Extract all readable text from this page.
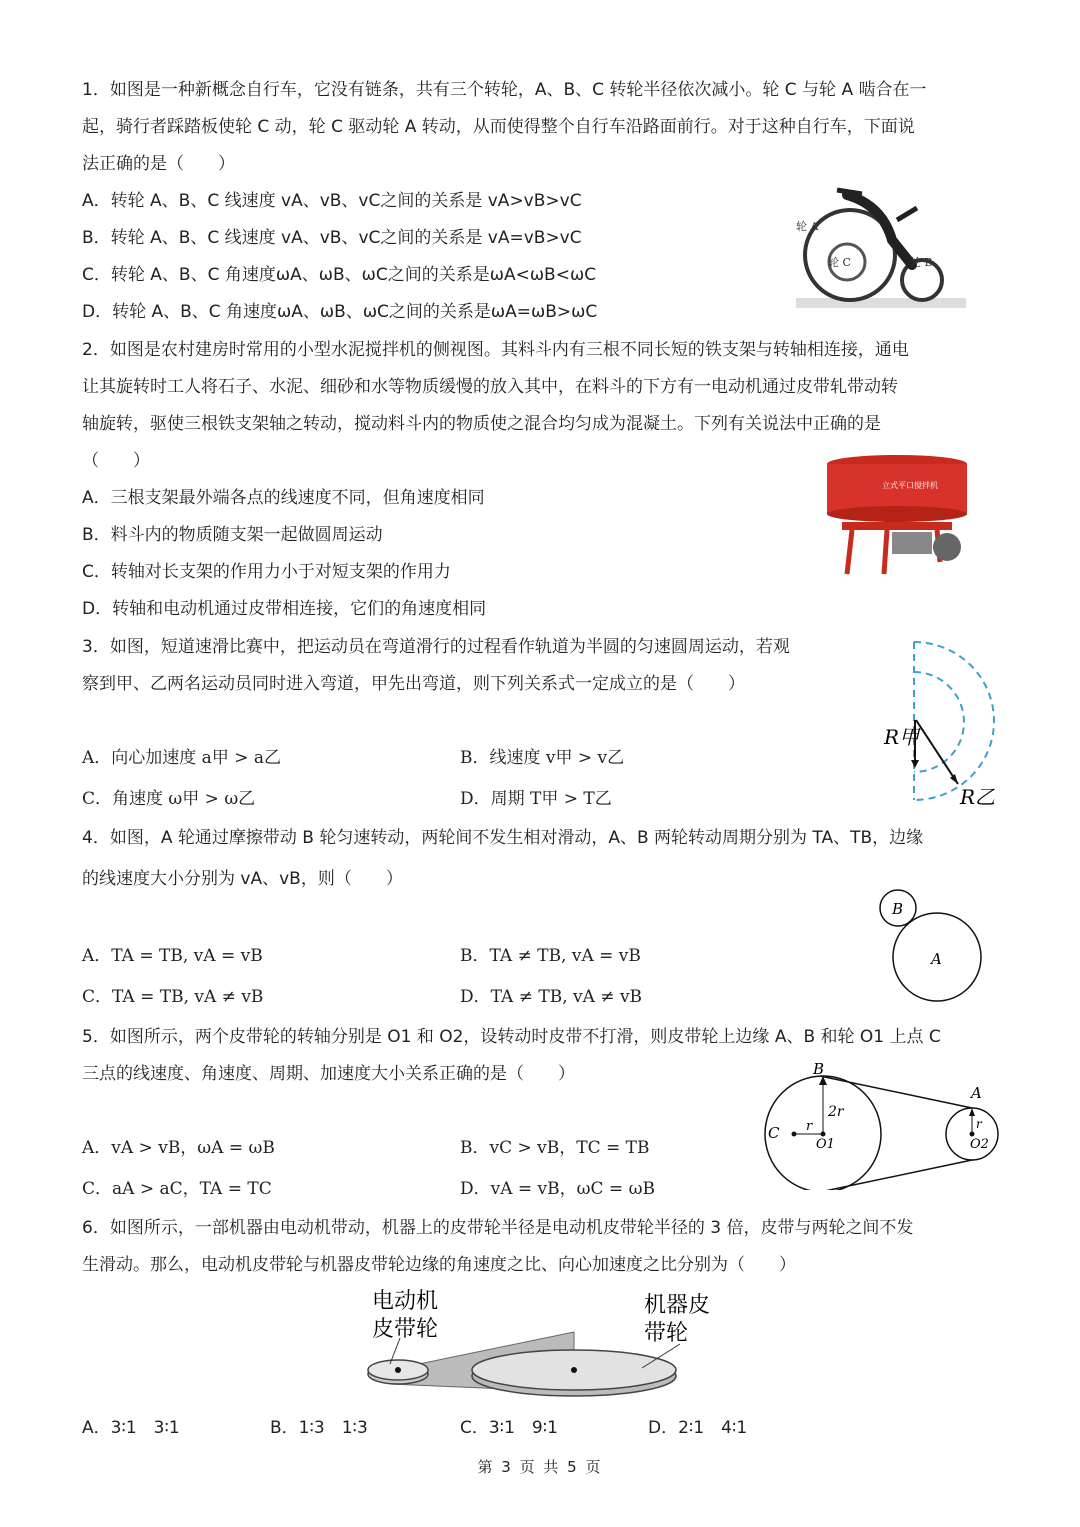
1．如图是一种新概念自行车，它没有链条，共有三个转轮，A、B、C 转轮半径依次减小。轮 C 与轮 A 啮合在一
起，骑行者踩踏板使轮 C 动，轮 C 驱动轮 A 转动，从而使得整个自行车沿路面前行。对于这种自行车，下面说
法正确的是（　　）
A．转轮 A、B、C 线速度 vA、vB、vC之间的关系是 vA>vB>vC
B．转轮 A、B、C 线速度 vA、vB、vC之间的关系是 vA=vB>vC
C．转轮 A、B、C 角速度ωA、ωB、ωC之间的关系是ωA<ωB<ωC
D．转轮 A、B、C 角速度ωA、ωB、ωC之间的关系是ωA=ωB>ωC
轮 A
轮 C	轮 B
2．如图是农村建房时常用的小型水泥搅拌机的侧视图。其料斗内有三根不同长短的铁支架与转轴相连接，通电
让其旋转时工人将石子、水泥、细砂和水等物质缓慢的放入其中，在料斗的下方有一电动机通过皮带轧带动转
轴旋转，驱使三根铁支架轴之转动，搅动料斗内的物质使之混合均匀成为混凝土。下列有关说法中正确的是
（　　）
A．三根支架最外端各点的线速度不同，但角速度相同
B．料斗内的物质随支架一起做圆周运动
C．转轴对长支架的作用力小于对短支架的作用力
D．转轴和电动机通过皮带相连接，它们的角速度相同
立式平口搅拌机
3．如图，短道速滑比赛中，把运动员在弯道滑行的过程看作轨道为半圆的匀速圆周运动，若观
察到甲、乙两名运动员同时进入弯道，甲先出弯道，则下列关系式一定成立的是（　　）
A．向心加速度 a甲 > a乙	B．线速度 v甲 > v乙
C．角速度 ω甲 > ω乙	D．周期 T甲 > T乙
R甲
R乙
4．如图，A 轮通过摩擦带动 B 轮匀速转动，两轮间不发生相对滑动，A、B 两轮转动周期分别为 TA、TB，边缘
的线速度大小分别为 vA、vB，则（　　）
A．TA = TB, vA = vB	B．TA ≠ TB, vA = vB
C．TA = TB, vA ≠ vB	D．TA ≠ TB, vA ≠ vB
B
A
5．如图所示，两个皮带轮的转轴分别是 O1 和 O2，设转动时皮带不打滑，则皮带轮上边缘 A、B 和轮 O1 上点 C
三点的线速度、角速度、周期、加速度大小关系正确的是（　　）
A．vA > vB，ωA = ωB	B．vC > vB，TC = TB
C．aA > aC，TA = TC	D．vA = vB，ωC = ωB
B
A
C r
2r
r
O1	O2
6．如图所示，一部机器由电动机带动，机器上的皮带轮半径是电动机皮带轮半径的 3 倍，皮带与两轮之间不发
生滑动。那么，电动机皮带轮与机器皮带轮边缘的角速度之比、向心加速度之比分别为（　　）
电动机
皮带轮
机器皮
带轮
A．3∶1　3∶1	B．1∶3　1∶3	C．3∶1　9∶1	D．2∶1　4∶1
第 3 页 共 5 页
